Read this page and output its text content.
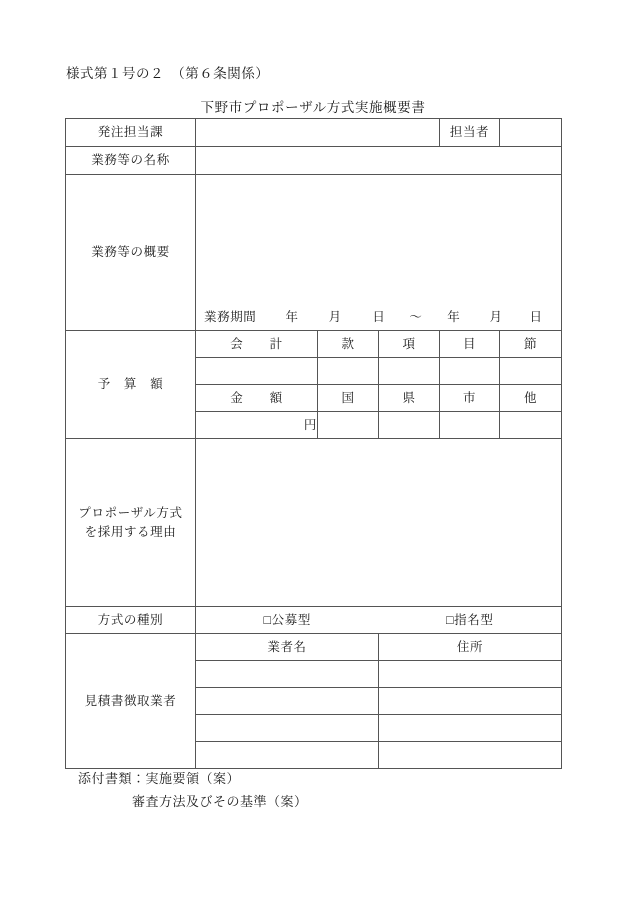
様式第１号の２　（第６条関係）
下野市プロポーザル方式実施概要書
発注担当課				担当者	
業務等の名称					
業務等の概要	
業務期間	年	月	日	～	年	月	日

予　算　額	会　　計	款	項	目	節

	金　　額	国	県	市	他
	円				

プロポーザル方式
を採用する理由					

方式の種別	□公募型 □指名型				

見積書徴取業者	業者名		住所		

添付書類：実施要領（案）
審査方法及びその基準（案）
